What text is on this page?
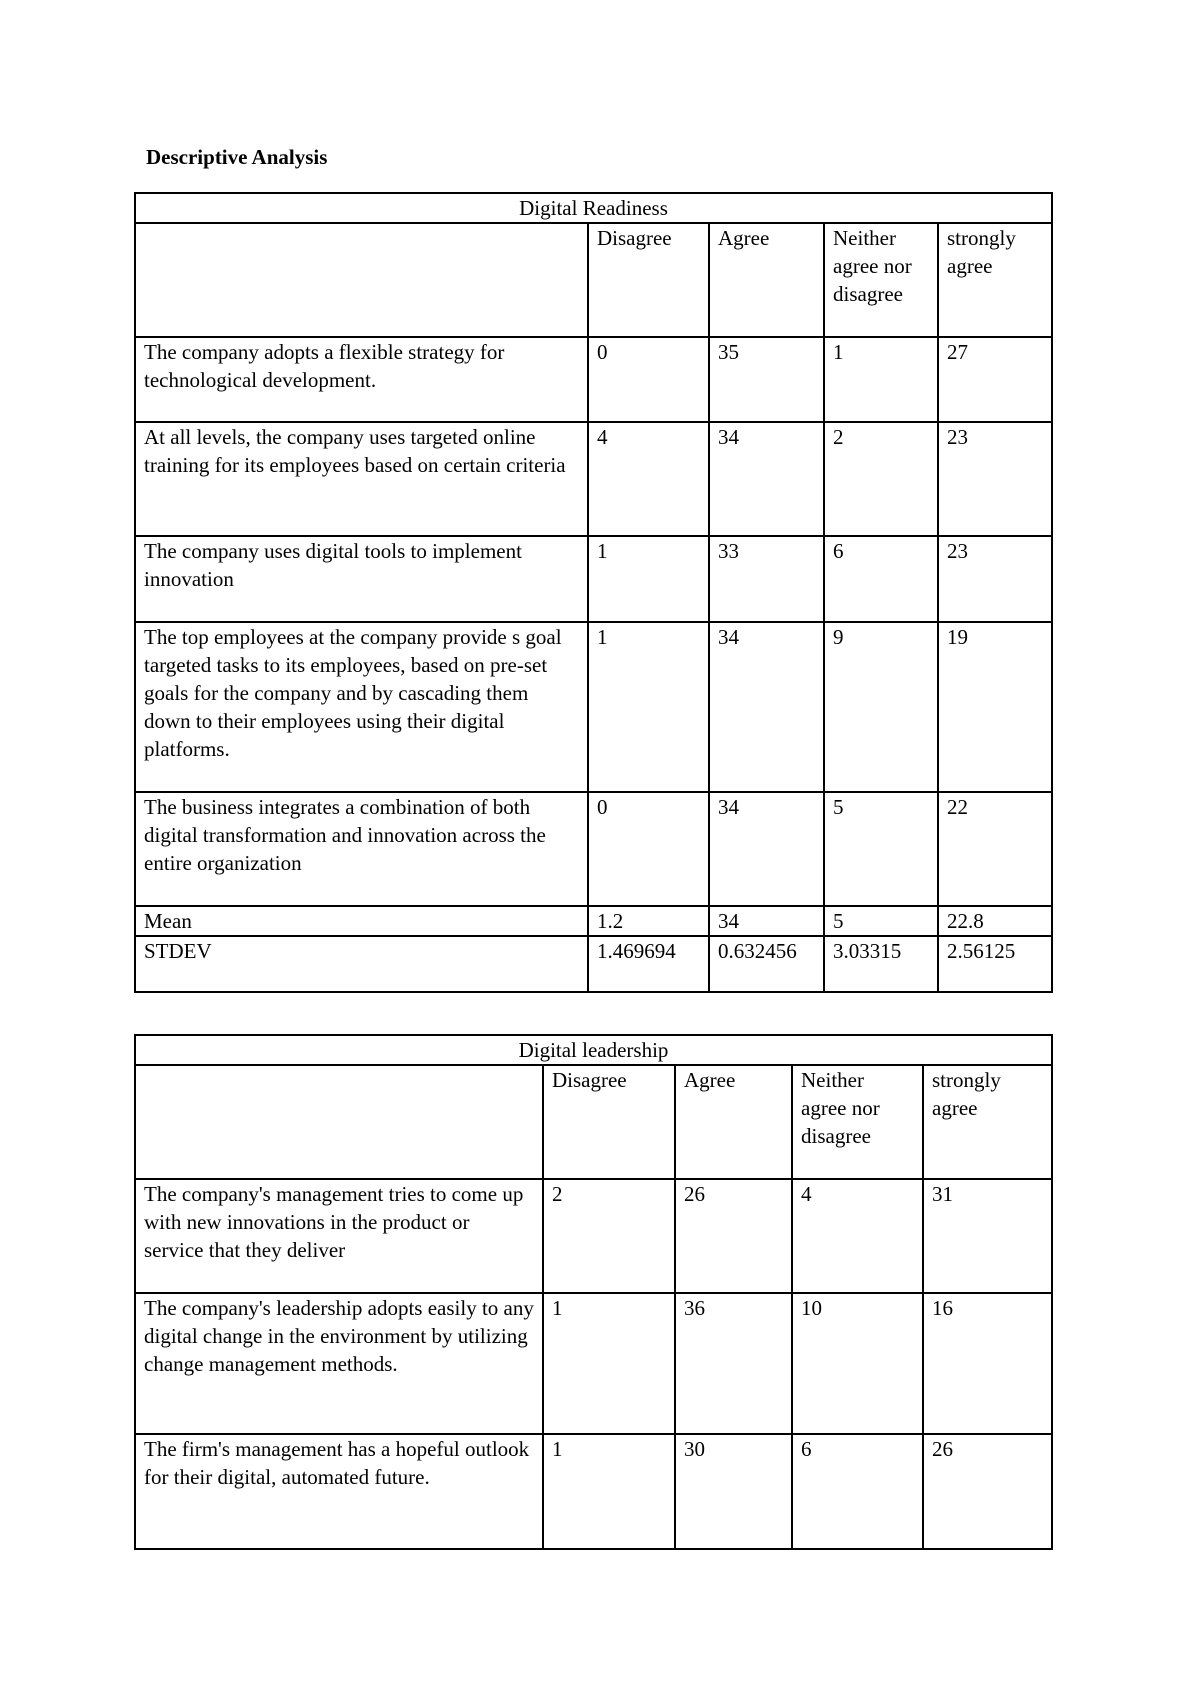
Descriptive Analysis
Digital Readiness				
	Disagree	Agree	Neither agree nor disagree	strongly agree
The company adopts a flexible strategy for technological development.	0	35	1	27
At all levels, the company uses targeted online training for its employees based on certain criteria	4	34	2	23
The company uses digital tools to implement innovation	1	33	6	23
The top employees at the company provide s goal targeted tasks to its employees, based on pre-set goals for the company and by cascading them down to their employees using their digital platforms.	1	34	9	19
The business integrates a combination of both digital transformation and innovation across the entire organization	0	34	5	22
Mean	1.2	34	5	22.8
STDEV	1.469694	0.632456	3.03315	2.56125
Digital leadership				
	Disagree	Agree	Neither agree nor disagree	strongly agree
The company's management tries to come up with new innovations in the product or service that they deliver	2	26	4	31
The company's leadership adopts easily to any digital change in the environment by utilizing change management methods.	1	36	10	16
The firm's management has a hopeful outlook for their digital, automated future.	1	30	6	26
